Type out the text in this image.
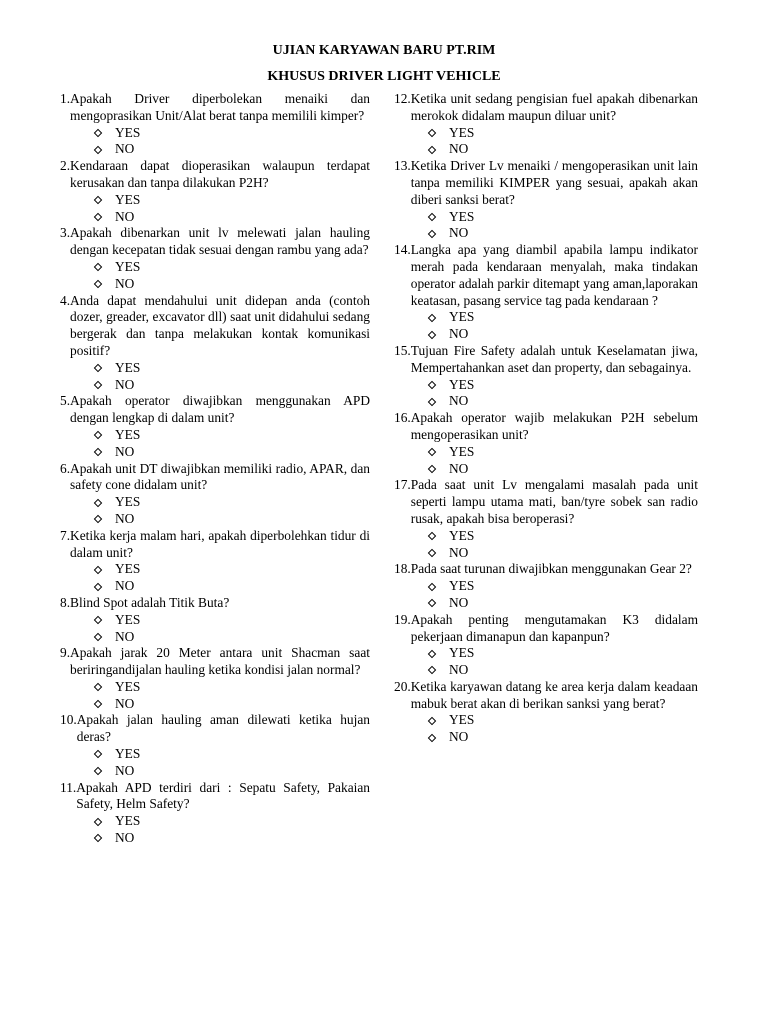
UJIAN KARYAWAN BARU PT.RIM
KHUSUS DRIVER LIGHT VEHICLE
1. Apakah Driver diperbolekan menaiki dan mengoprasikan Unit/Alat berat tanpa memilili kimper?
YES
NO
2. Kendaraan dapat dioperasikan walaupun terdapat kerusakan dan tanpa dilakukan P2H?
YES
NO
3. Apakah dibenarkan unit lv melewati jalan hauling dengan kecepatan tidak sesuai dengan rambu yang ada?
YES
NO
4. Anda dapat mendahului unit didepan anda (contoh dozer, greader, excavator dll) saat unit didahului sedang bergerak dan tanpa melakukan kontak komunikasi positif?
YES
NO
5. Apakah operator diwajibkan menggunakan APD dengan lengkap di dalam unit?
YES
NO
6. Apakah unit DT diwajibkan memiliki radio, APAR, dan safety cone didalam unit?
YES
NO
7. Ketika kerja malam hari, apakah diperbolehkan tidur di dalam unit?
YES
NO
8. Blind Spot adalah Titik Buta?
YES
NO
9. Apakah jarak 20 Meter antara unit Shacman saat beriringandijalan hauling ketika kondisi jalan normal?
YES
NO
10. Apakah jalan hauling aman dilewati ketika hujan deras?
YES
NO
11. Apakah APD terdiri dari : Sepatu Safety, Pakaian Safety, Helm Safety?
YES
NO
12. Ketika unit sedang pengisian fuel apakah dibenarkan merokok didalam maupun diluar unit?
YES
NO
13. Ketika Driver Lv menaiki / mengoperasikan unit lain tanpa memiliki KIMPER yang sesuai, apakah akan diberi sanksi berat?
YES
NO
14. Langka apa yang diambil apabila lampu indikator merah pada kendaraan menyalah, maka tindakan operator adalah parkir ditemapt yang aman,laporakan keatasan, pasang service tag pada kendaraan ?
YES
NO
15. Tujuan Fire Safety adalah untuk Keselamatan jiwa, Mempertahankan aset dan property, dan sebagainya.
YES
NO
16. Apakah operator wajib melakukan P2H sebelum mengoperasikan unit?
YES
NO
17. Pada saat unit Lv mengalami masalah pada unit seperti lampu utama mati, ban/tyre sobek san radio rusak, apakah bisa beroperasi?
YES
NO
18. Pada saat turunan diwajibkan menggunakan Gear 2?
YES
NO
19. Apakah penting mengutamakan K3 didalam pekerjaan dimanapun dan kapanpun?
YES
NO
20. Ketika karyawan datang ke area kerja dalam keadaan mabuk berat akan di berikan sanksi yang berat?
YES
NO
